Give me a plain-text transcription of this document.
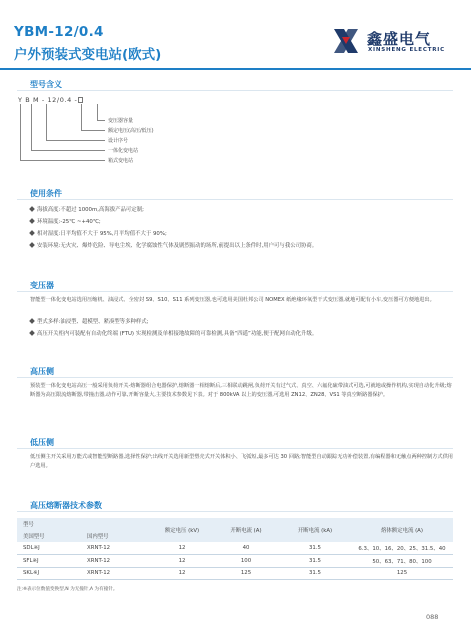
YBM-12/0.4
户外预装式变电站(欧式)
鑫盛电气
XINSHENG ELECTRIC
型号含义
Y B M - 12/0.4 -
变压器容量
额定电压(高压/低压)
设计序号
一体化变电站
箱式变电站
使用条件
海拔高度:不超过 1000m,高海拔产品可定制;
环境温度:-25℃ ~+40℃;
相对湿度:日平均值不大于 95%,月平均值不大于 90%;
安装环境:无火灾、爆炸危险、导电尘埃、化学腐蚀性气体及剧烈振动的场所,前提出以上条件时,用户可与我公司协商。
变压器
智能型一体化变电站选用压缩机、油浸式、全密封 S9、S10、S11 系列变压器,也可选用美国杜邦公司 NOMEX 纸绝缘环氧型干式变压器,就地可配有小车,变压器可方便地进出。
型式多样:油浸型、超模型、紧凑型等多种样式;
高压开关柜内可装配有自动化终端 (FTU) 实现检测及单相接地故障的可靠检测,具备“四遥”功能,便于配网自动化升级。
高压侧
预装型一体化变电站高压一般采用负荷开关-熔断器组合电器保护,熔断器一相熔断后,三相联动跳闸,负荷开关有过气式、真空、六氟化硫带油式可选,可就地或操作机构,实现自动化升级;熔断器为高压限流熔断器,带撞击器,动作可靠,开断容量大,主要技术参数见下表。对于 800kVA 以上的变压器,可选用 ZN12、ZN28、VS1 等真空断路器保护。
低压侧
低压侧主开关采用万能式或智能型断路器,选择性保护;出线开关选用新型塑壳式开关体积小、飞弧短,最多可达 30 回路;智能型自动跟踪无功补偿装置,有编程器和无触点两种控制方式供用户选用。
高压熔断器技术参数
型号		额定电压 (kV)	开断电流 (A)	开断电流 (kA)	熔体额定电流 (A)
美国型号	国内型号				
SDL※J	XRNT-12	12	40	31.5	6.3、10、16、20、25、31.5、40
SFL※J	XRNT-12	12	100	31.5	50、63、71、80、100
SKL※J	XRNT-12	12	125	31.5	125
注:※表示位数值变换型,N 为无撞针,A 为有撞针。
088
